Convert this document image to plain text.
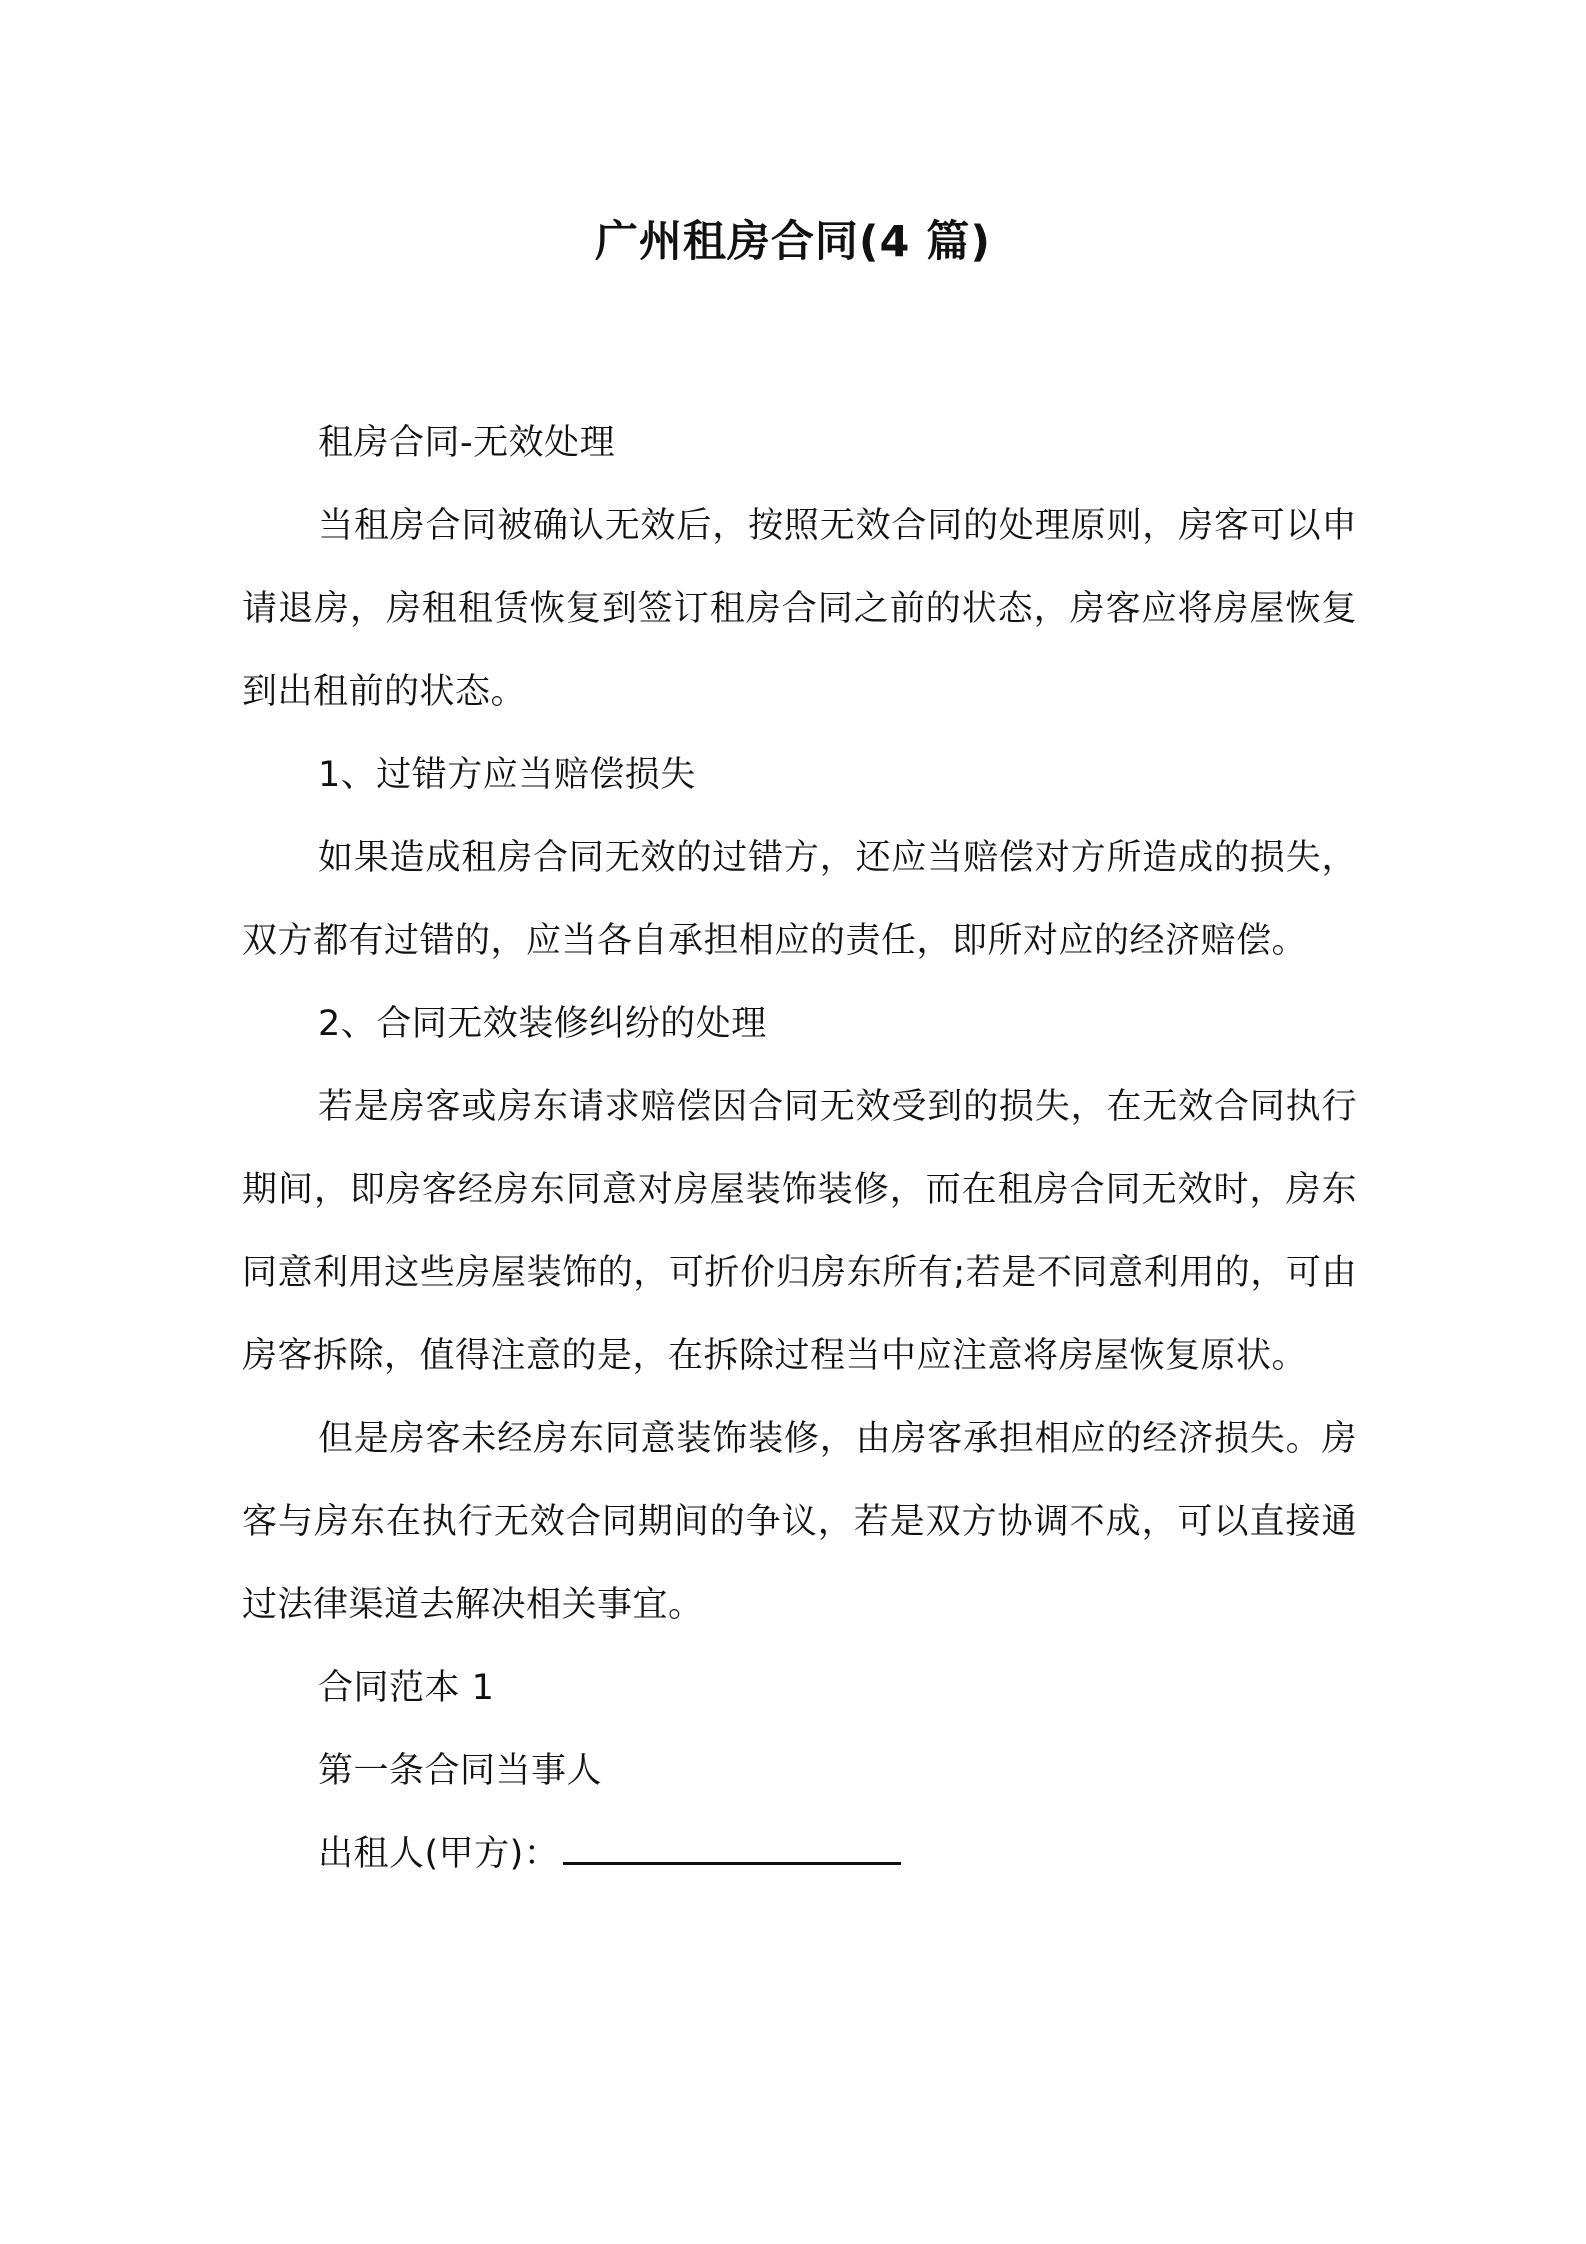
广州租房合同(4 篇)

租房合同-无效处理

当租房合同被确认无效后，按照无效合同的处理原则，房客可以申请退房，房租租赁恢复到签订租房合同之前的状态，房客应将房屋恢复到出租前的状态。

1、过错方应当赔偿损失

如果造成租房合同无效的过错方，还应当赔偿对方所造成的损失，双方都有过错的，应当各自承担相应的责任，即所对应的经济赔偿。

2、合同无效装修纠纷的处理

若是房客或房东请求赔偿因合同无效受到的损失，在无效合同执行期间，即房客经房东同意对房屋装饰装修，而在租房合同无效时，房东同意利用这些房屋装饰的，可折价归房东所有;若是不同意利用的，可由房客拆除，值得注意的是，在拆除过程当中应注意将房屋恢复原状。

但是房客未经房东同意装饰装修，由房客承担相应的经济损失。房客与房东在执行无效合同期间的争议，若是双方协调不成，可以直接通过法律渠道去解决相关事宜。

合同范本 1

第一条合同当事人

出租人(甲方)：
